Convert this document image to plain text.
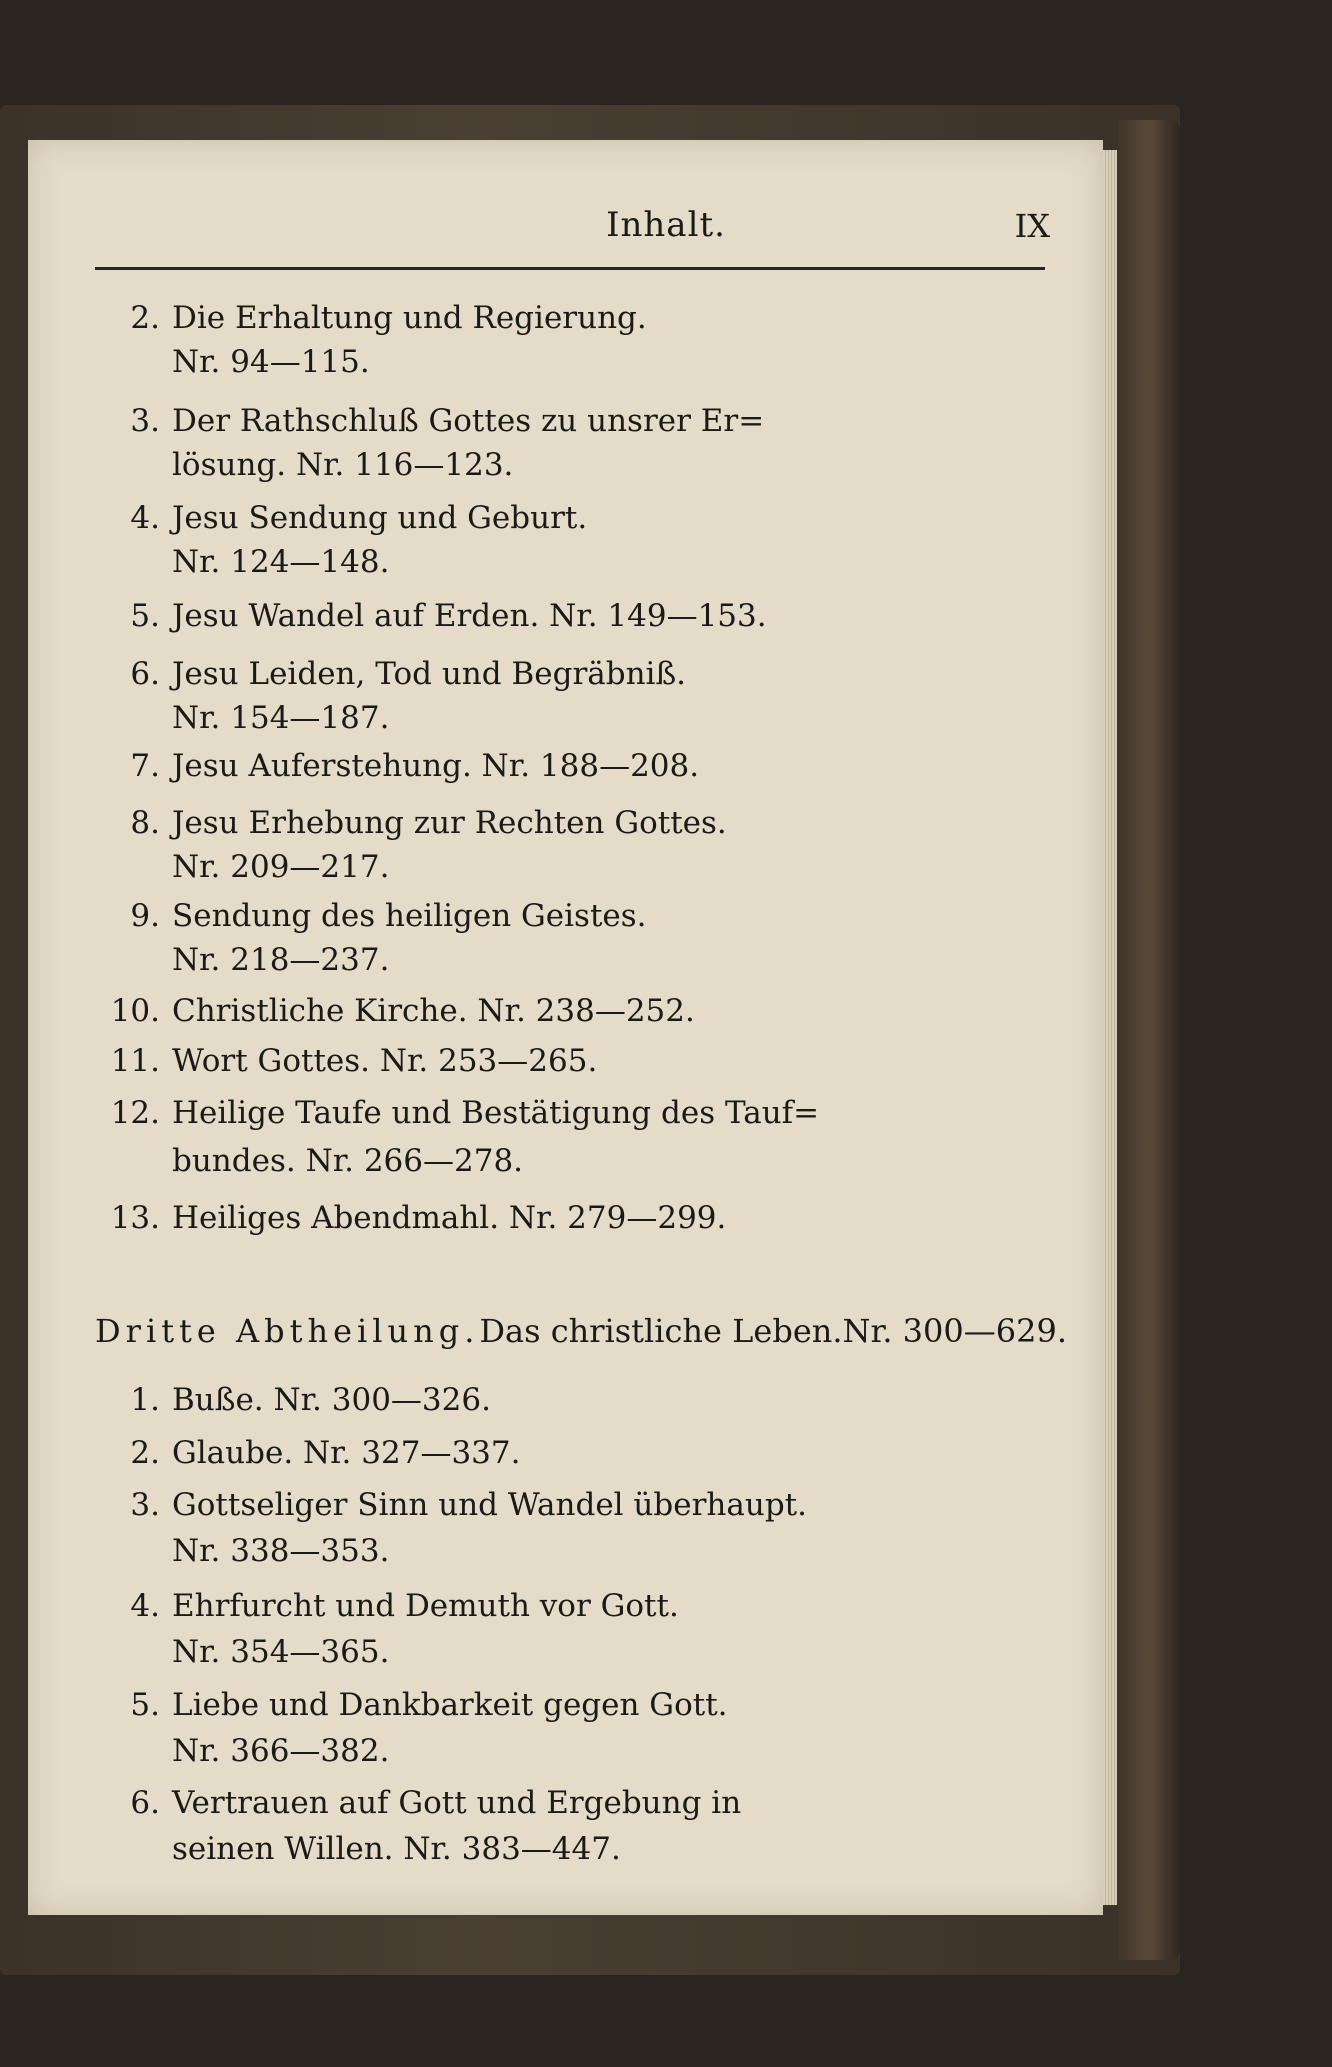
Inhalt.	IX
2. Die Erhaltung und Regierung.
Nr. 94—115.
3. Der Rathschluß Gottes zu unsrer Er=
lösung. Nr. 116—123.
4. Jesu Sendung und Geburt.
Nr. 124—148.
5. Jesu Wandel auf Erden. Nr. 149—153.
6. Jesu Leiden, Tod und Begräbniß.
Nr. 154—187.
7. Jesu Auferstehung. Nr. 188—208.
8. Jesu Erhebung zur Rechten Gottes.
Nr. 209—217.
9. Sendung des heiligen Geistes.
Nr. 218—237.
10. Christliche Kirche. Nr. 238—252.
11. Wort Gottes. Nr. 253—265.
12. Heilige Taufe und Bestätigung des Tauf=
bundes. Nr. 266—278.
13. Heiliges Abendmahl. Nr. 279—299.
Dritte Abtheilung. Das christliche Leben. Nr. 300—629.
1. Buße. Nr. 300—326.
2. Glaube. Nr. 327—337.
3. Gottseliger Sinn und Wandel überhaupt.
Nr. 338—353.
4. Ehrfurcht und Demuth vor Gott.
Nr. 354—365.
5. Liebe und Dankbarkeit gegen Gott.
Nr. 366—382.
6. Vertrauen auf Gott und Ergebung in
seinen Willen. Nr. 383—447.
